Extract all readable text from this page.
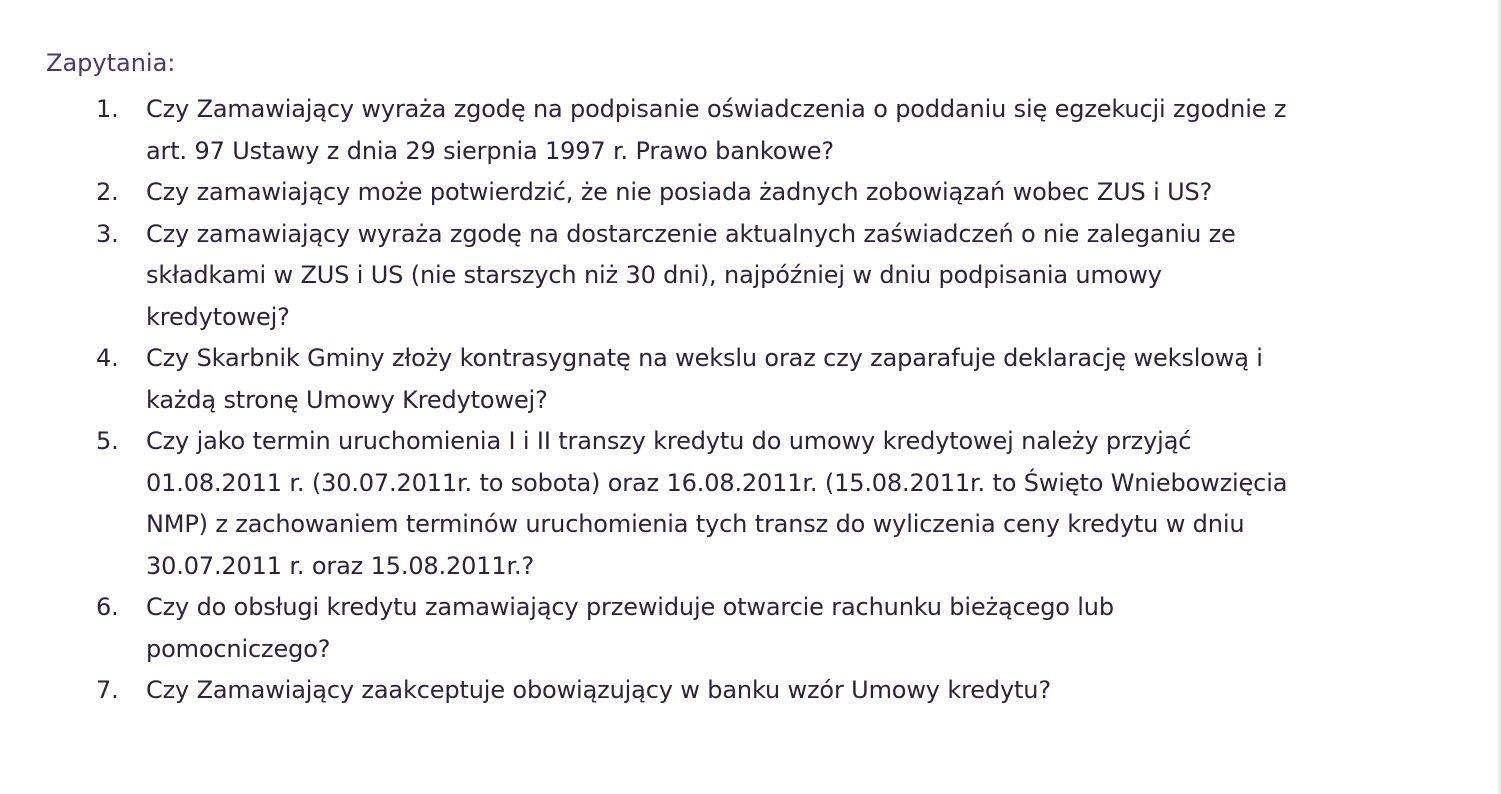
Zapytania:
1.	Czy Zamawiający wyraża zgodę na podpisanie oświadczenia o poddaniu się egzekucji zgodnie z
art. 97 Ustawy z dnia 29 sierpnia 1997 r. Prawo bankowe?
2.	Czy zamawiający może potwierdzić, że nie posiada żadnych zobowiązań wobec ZUS i US?
3.	Czy zamawiający wyraża zgodę na dostarczenie aktualnych zaświadczeń o nie zaleganiu ze
składkami w ZUS i US (nie starszych niż 30 dni), najpóźniej w dniu podpisania umowy
kredytowej?
4.	Czy Skarbnik Gminy złoży kontrasygnatę na wekslu oraz czy zaparafuje deklarację wekslową i
każdą stronę Umowy Kredytowej?
5.	Czy jako termin uruchomienia I i II transzy kredytu do umowy kredytowej należy przyjąć
01.08.2011 r. (30.07.2011r. to sobota) oraz 16.08.2011r. (15.08.2011r. to Święto Wniebowzięcia
NMP) z zachowaniem terminów uruchomienia tych transz do wyliczenia ceny kredytu w dniu
30.07.2011 r. oraz 15.08.2011r.?
6.	Czy do obsługi kredytu zamawiający przewiduje otwarcie rachunku bieżącego lub
pomocniczego?
7.	Czy Zamawiający zaakceptuje obowiązujący w banku wzór Umowy kredytu?
